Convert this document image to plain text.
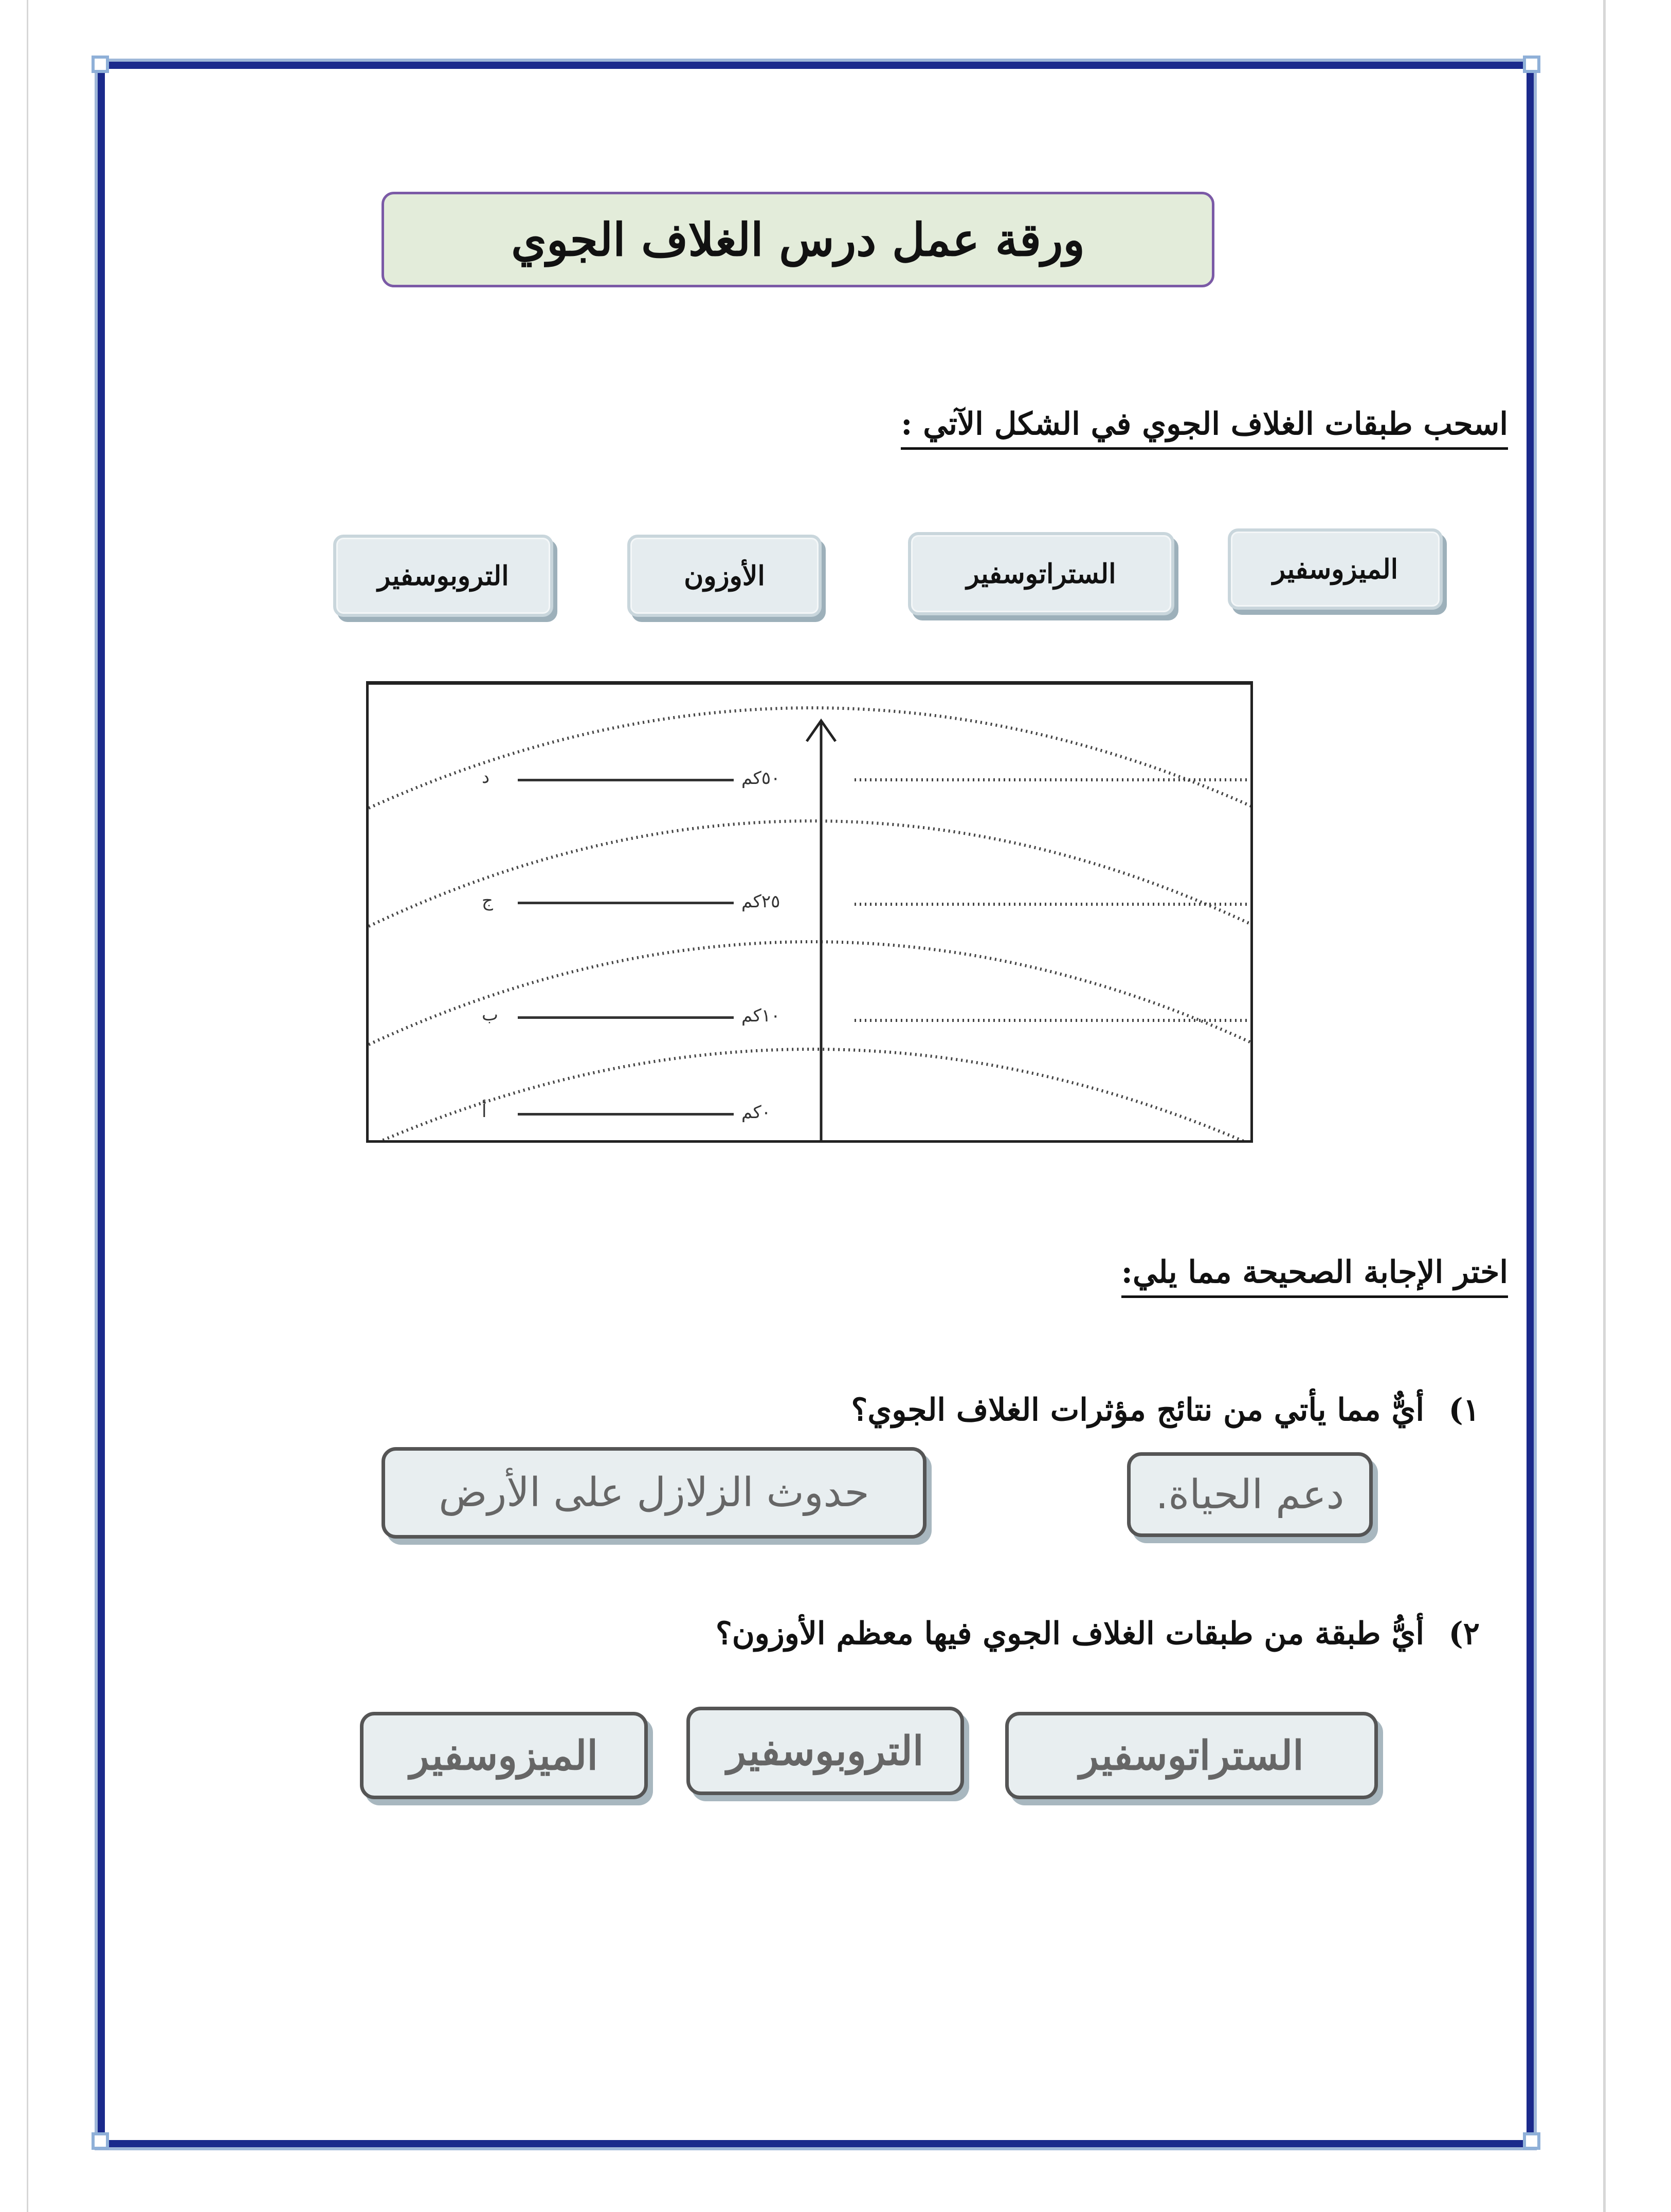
ورقة عمل درس الغلاف الجوي
اسحب طبقات الغلاف الجوي في الشكل الآتي :
الميزوسفير
الستراتوسفير
الأوزون
التروبوسفير
د	٥٠كم
ج	٢٥كم
ب	١٠كم
أ	٠كم
اختر الإجابة الصحيحة مما يلي:
أيٌّ مما يأتي من نتائج مؤثرات الغلاف الجوي؟ ١)
دعم الحياة.
حدوث الزلازل على الأرض
أيُّ طبقة من طبقات الغلاف الجوي فيها معظم الأوزون؟ ٢)
الستراتوسفير
التروبوسفير
الميزوسفير
